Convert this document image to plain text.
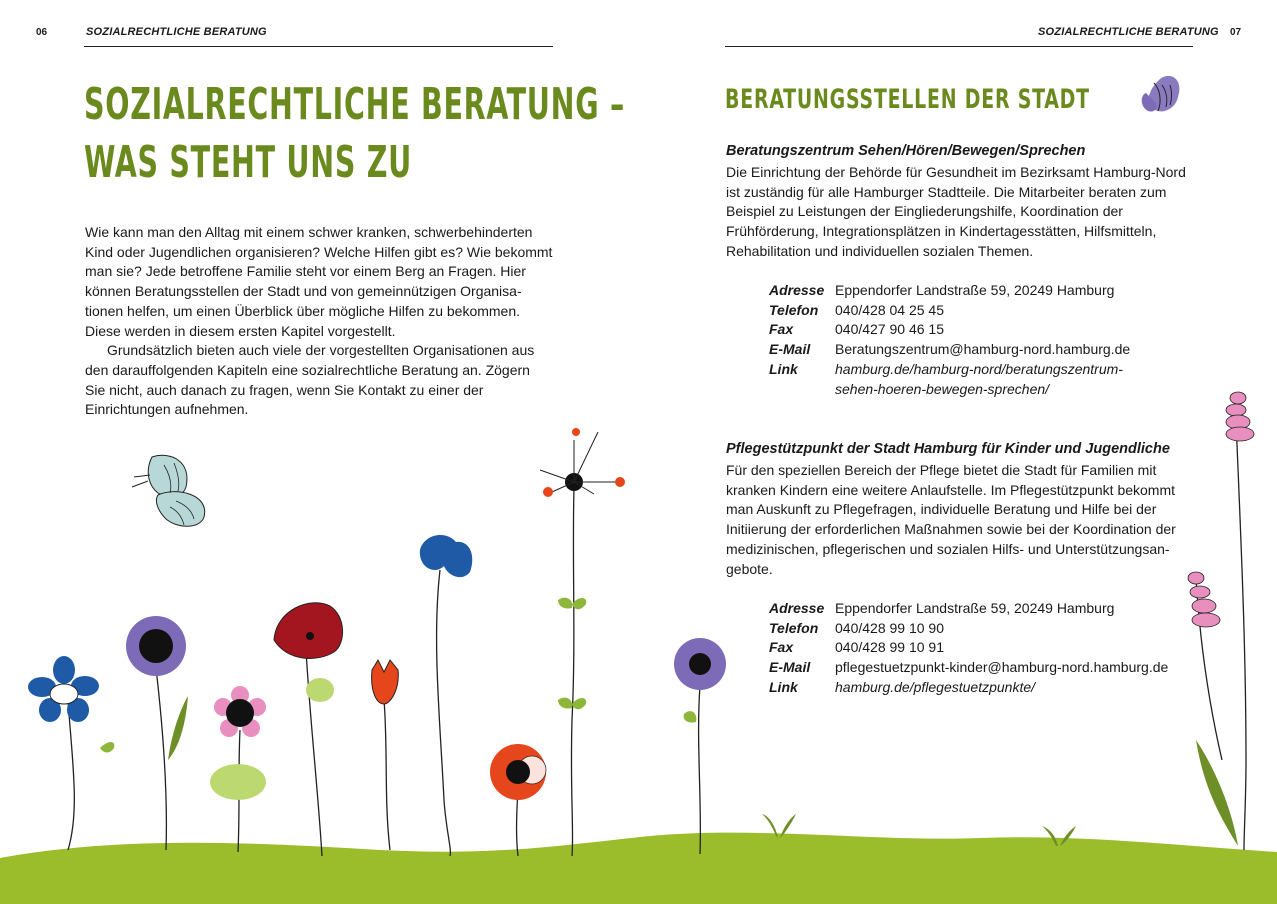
06	SOZIALRECHTLICHE BERATUNG	SOZIALRECHTLICHE BERATUNG 07
SOZIALRECHTLICHE BERATUNG –
WAS STEHT UNS ZU

Wie kann man den Alltag mit einem schwer kranken, schwerbehinderten Kind oder Jugendlichen organisieren? Welche Hilfen gibt es? Wie bekommt man sie? Jede betroffene Familie steht vor einem Berg an Fragen. Hier können Beratungsstellen der Stadt und von gemeinnützigen Organisationen helfen, um einen Überblick über mögliche Hilfen zu bekommen. Diese werden in diesem ersten Kapitel vorgestellt.

Grundsätzlich bieten auch viele der vorgestellten Organisationen aus den darauffolgenden Kapiteln eine sozialrechtliche Beratung an. Zögern Sie nicht, auch danach zu fragen, wenn Sie Kontakt zu einer der Einrichtungen aufnehmen.

BERATUNGSSTELLEN DER STADT
Beratungszentrum Sehen/Hören/Bewegen/Sprechen
Die Einrichtung der Behörde für Gesundheit im Bezirksamt Hamburg-Nord ist zuständig für alle Hamburger Stadtteile. Die Mitarbeiter beraten zum Beispiel zu Leistungen der Eingliederungshilfe, Koordination der Frühförderung, Integrationsplätzen in Kindertagesstätten, Hilfsmitteln, Rehabilitation und individuellen sozialen Themen.
Adresse Eppendorfer Landstraße 59, 20249 Hamburg
Telefon	040/428 04 25 45
Fax	040/427 90 46 15
E-Mail	Beratungszentrum@hamburg-nord.hamburg.de
Link	hamburg.de/hamburg-nord/beratungszentrum-
sehen-hoeren-bewegen-sprechen/
Pflegestützpunkt der Stadt Hamburg für Kinder und Jugendliche
Für den speziellen Bereich der Pflege bietet die Stadt für Familien mit kranken Kindern eine weitere Anlaufstelle. Im Pflegestützpunkt bekommt man Auskunft zu Pflegefragen, individuelle Beratung und Hilfe bei der Initiierung der erforderlichen Maßnahmen sowie bei der Koordination der medizinischen, pflegerischen und sozialen Hilfs- und Unterstützungsangebote.
Adresse Eppendorfer Landstraße 59, 20249 Hamburg
Telefon	040/428 99 10 90
Fax	040/428 99 10 91
E-Mail	pflegestuetzpunkt-kinder@hamburg-nord.hamburg.de
Link	hamburg.de/pflegestuetzpunkte/
